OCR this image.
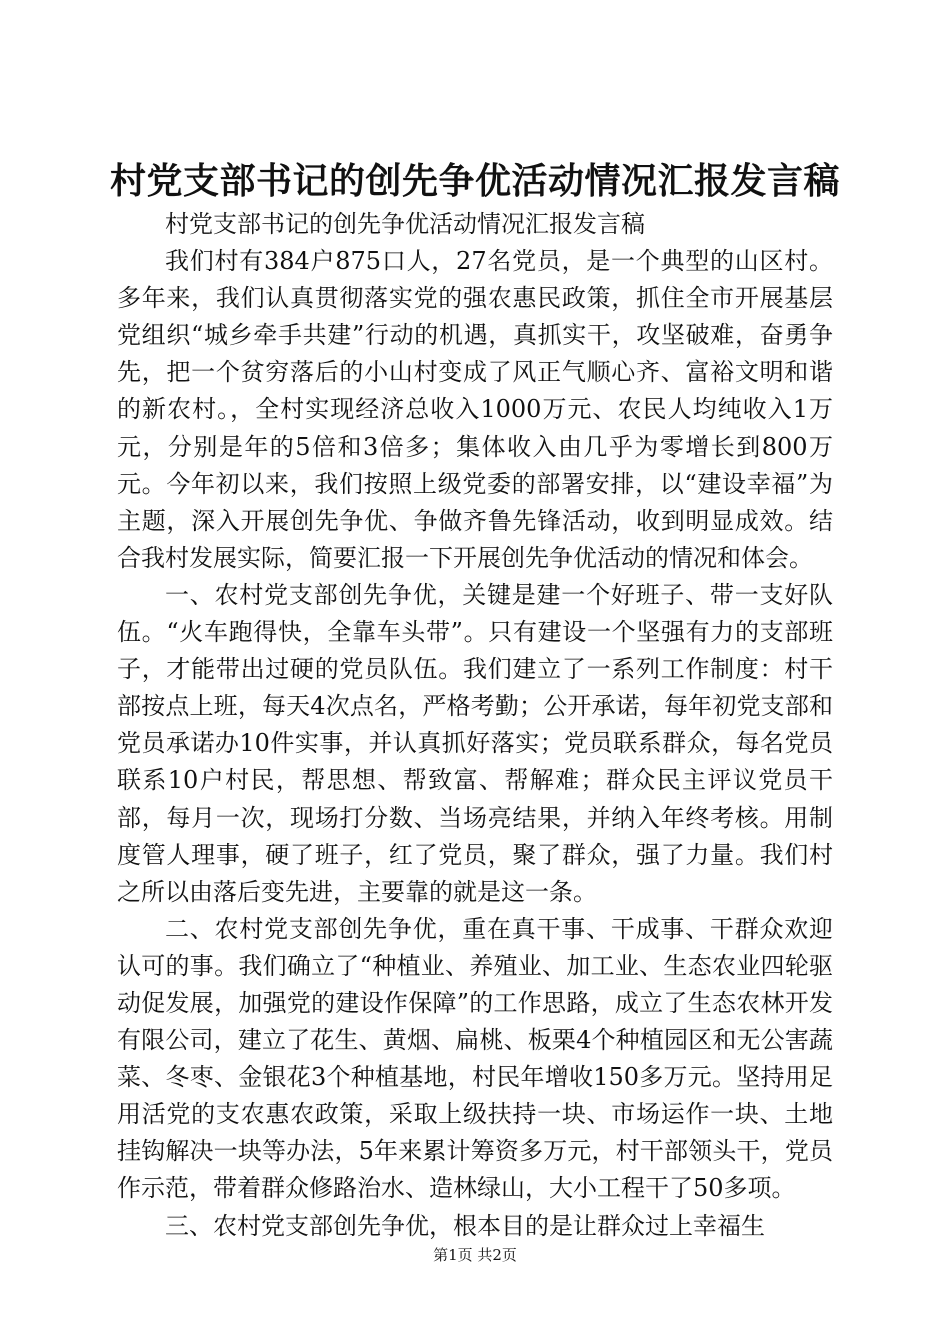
村党支部书记的创先争优活动情况汇报发言稿

村党支部书记的创先争优活动情况汇报发言稿

我们村有384户875口人，27名党员，是一个典型的山区村。多年来，我们认真贯彻落实党的强农惠民政策，抓住全市开展基层党组织“城乡牵手共建”行动的机遇，真抓实干，攻坚破难，奋勇争先，把一个贫穷落后的小山村变成了风正气顺心齐、富裕文明和谐的新农村。，全村实现经济总收入1000万元、农民人均纯收入1万元，分别是年的5倍和3倍多；集体收入由几乎为零增长到800万元。今年初以来，我们按照上级党委的部署安排，以“建设幸福”为主题，深入开展创先争优、争做齐鲁先锋活动，收到明显成效。结合我村发展实际，简要汇报一下开展创先争优活动的情况和体会。

一、农村党支部创先争优，关键是建一个好班子、带一支好队伍。“火车跑得快，全靠车头带”。只有建设一个坚强有力的支部班子，才能带出过硬的党员队伍。我们建立了一系列工作制度：村干部按点上班，每天4次点名，严格考勤；公开承诺，每年初党支部和党员承诺办10件实事，并认真抓好落实；党员联系群众，每名党员联系10户村民，帮思想、帮致富、帮解难；群众民主评议党员干部，每月一次，现场打分数、当场亮结果，并纳入年终考核。用制度管人理事，硬了班子，红了党员，聚了群众，强了力量。我们村之所以由落后变先进，主要靠的就是这一条。

二、农村党支部创先争优，重在真干事、干成事、干群众欢迎认可的事。我们确立了“种植业、养殖业、加工业、生态农业四轮驱动促发展，加强党的建设作保障”的工作思路，成立了生态农林开发有限公司，建立了花生、黄烟、扁桃、板栗4个种植园区和无公害蔬菜、冬枣、金银花3个种植基地，村民年增收150多万元。坚持用足用活党的支农惠农政策，采取上级扶持一块、市场运作一块、土地挂钩解决一块等办法，5年来累计筹资多万元，村干部领头干，党员作示范，带着群众修路治水、造林绿山，大小工程干了50多项。

三、农村党支部创先争优，根本目的是让群众过上幸福生

第1页 共2页
